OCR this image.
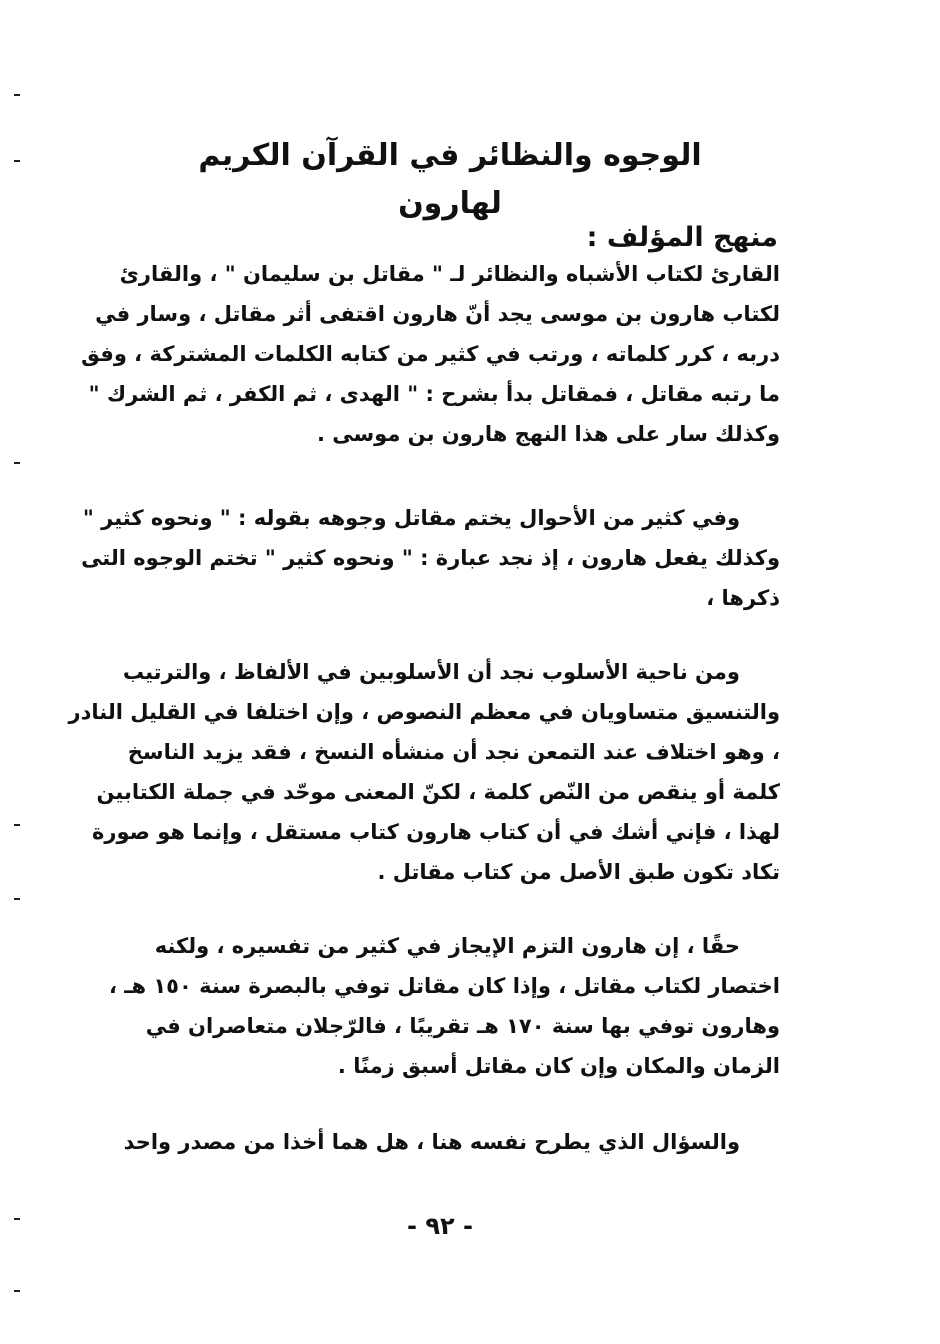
الوجوه والنظائر في القرآن الكريم لهارون
منهج المؤلف :
القارئ لكتاب الأشباه والنظائر لـ " مقاتل بن سليمان " ، والقارئ
لكتاب هارون بن موسى يجد أنّ هارون اقتفى أثر مقاتل ، وسار في
دربه ، كرر كلماته ، ورتب في كثير من كتابه الكلمات المشتركة ، وفق
ما رتبه مقاتل ، فمقاتل بدأ بشرح : " الهدى ، ثم الكفر ، ثم الشرك "
وكذلك سار على هذا النهج هارون بن موسى .
وفي كثير من الأحوال يختم مقاتل وجوهه بقوله : " ونحوه كثير "
وكذلك يفعل هارون ، إذ نجد عبارة : " ونحوه كثير " تختم الوجوه التى
ذكرها ،
ومن ناحية الأسلوب نجد أن الأسلوبين في الألفاظ ، والترتيب
والتنسيق متساويان في معظم النصوص ، وإن اختلفا في القليل النادر
، وهو اختلاف عند التمعن نجد أن منشأه النسخ ، فقد يزيد الناسخ
كلمة أو ينقص من النّص كلمة ، لكنّ المعنى موحّد في جملة الكتابين
لهذا ، فإني أشك في أن كتاب هارون كتاب مستقل ، وإنما هو صورة
تكاد تكون طبق الأصل من كتاب مقاتل .
حقًا ، إن هارون التزم الإيجاز في كثير من تفسيره ، ولكنه
اختصار لكتاب مقاتل ، وإذا كان مقاتل توفي بالبصرة سنة ١٥٠ هـ ،
وهارون توفي بها سنة ١٧٠ هـ تقريبًا ، فالرّجلان متعاصران في
الزمان والمكان وإن كان مقاتل أسبق زمنًا .
والسؤال الذي يطرح نفسه هنا ، هل هما أخذا من مصدر واحد
- ٩٢ -
